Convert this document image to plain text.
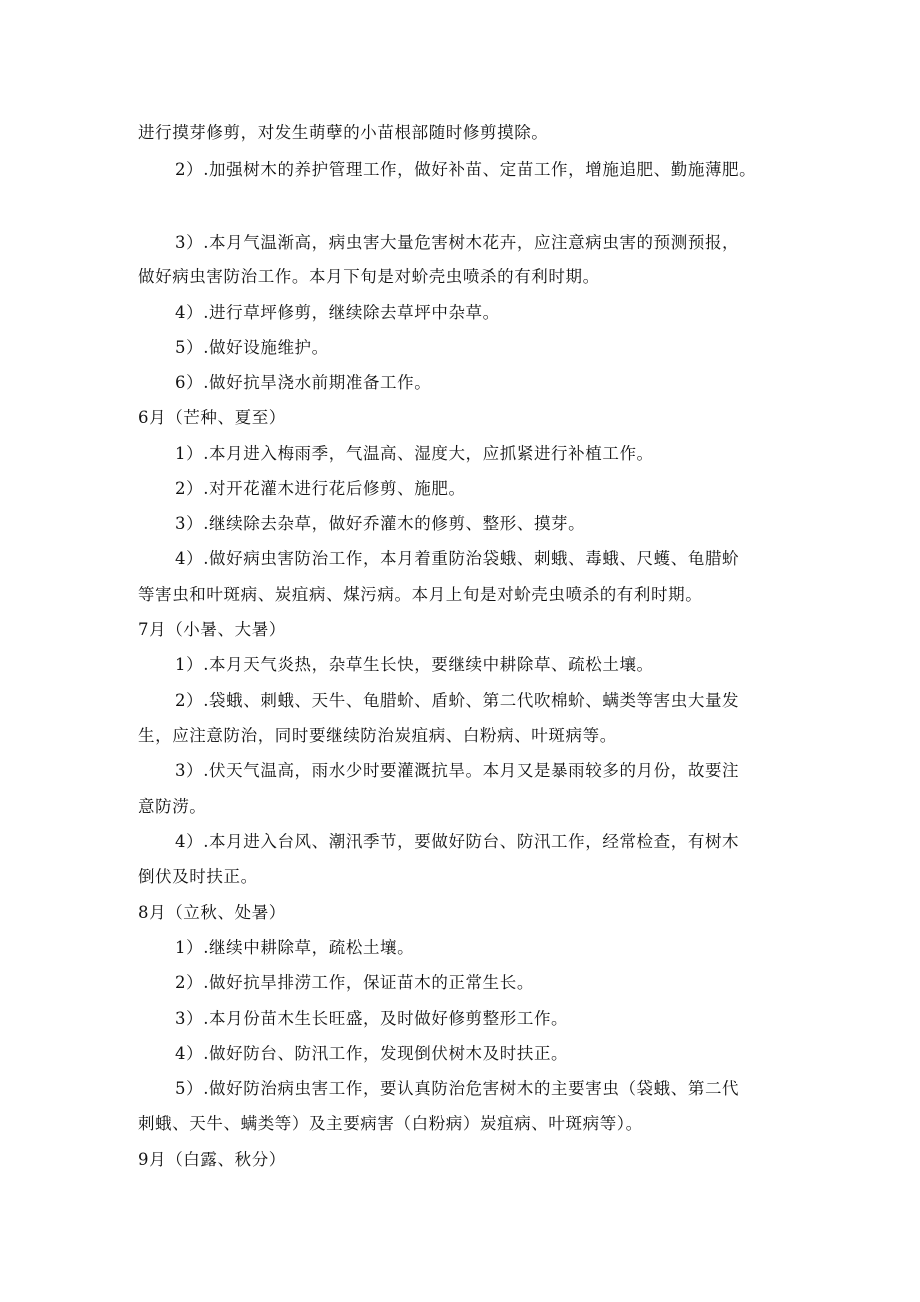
进行摸芽修剪，对发生萌孽的小苗根部随时修剪摸除。
2）.加强树木的养护管理工作，做好补苗、定苗工作，增施追肥、勤施薄肥。
3）.本月气温渐高，病虫害大量危害树木花卉，应注意病虫害的预测预报，
做好病虫害防治工作。本月下旬是对蚧壳虫喷杀的有利时期。
4）.进行草坪修剪，继续除去草坪中杂草。
5）.做好设施维护。
6）.做好抗旱浇水前期准备工作。
6月（芒种、夏至）
1）.本月进入梅雨季，气温高、湿度大，应抓紧进行补植工作。
2）.对开花灌木进行花后修剪、施肥。
3）.继续除去杂草，做好乔灌木的修剪、整形、摸芽。
4）.做好病虫害防治工作，本月着重防治袋蛾、刺蛾、毒蛾、尺蠖、龟腊蚧
等害虫和叶斑病、炭疽病、煤污病。本月上旬是对蚧壳虫喷杀的有利时期。
7月（小暑、大暑）
1）.本月天气炎热，杂草生长快，要继续中耕除草、疏松土壤。
2）.袋蛾、刺蛾、天牛、龟腊蚧、盾蚧、第二代吹棉蚧、螨类等害虫大量发
生，应注意防治，同时要继续防治炭疽病、白粉病、叶斑病等。
3）.伏天气温高，雨水少时要灌溉抗旱。本月又是暴雨较多的月份，故要注
意防涝。
4）.本月进入台风、潮汛季节，要做好防台、防汛工作，经常检查，有树木
倒伏及时扶正。
8月（立秋、处暑）
1）.继续中耕除草，疏松土壤。
2）.做好抗旱排涝工作，保证苗木的正常生长。
3）.本月份苗木生长旺盛，及时做好修剪整形工作。
4）.做好防台、防汛工作，发现倒伏树木及时扶正。
5）.做好防治病虫害工作，要认真防治危害树木的主要害虫（袋蛾、第二代
刺蛾、天牛、螨类等）及主要病害（白粉病）炭疽病、叶斑病等）。
9月（白露、秋分）
